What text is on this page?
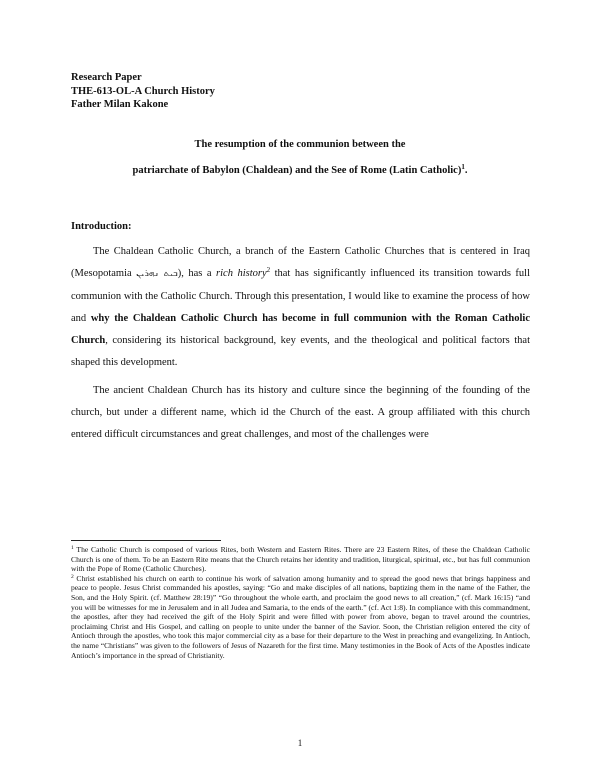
Research Paper
THE-613-OL-A Church History
Father Milan Kakone
The resumption of the communion between the
patriarchate of Babylon (Chaldean) and the See of Rome (Latin Catholic)$^1$.
Introduction:

The Chaldean Catholic Church, a branch of the Eastern Catholic Churches that is centered in Iraq (Mesopotamia ܒܝܬ ܢܗܪܝܢ), has a rich history$^2$ that has significantly influenced its transition towards full communion with the Catholic Church. Through this presentation, I would like to examine the process of how and why the Chaldean Catholic Church has become in full communion with the Roman Catholic Church, considering its historical background, key events, and the theological and political factors that shaped this development.

The ancient Chaldean Church has its history and culture since the beginning of the founding of the church, but under a different name, which id the Church of the east. A group affiliated with this church entered difficult circumstances and great challenges, and most of the challenges were

$^1$ The Catholic Church is composed of various Rites, both Western and Eastern Rites. There are 23 Eastern Rites, of these the Chaldean Catholic Church is one of them. To be an Eastern Rite means that the Church retains her identity and tradition, liturgical, spiritual, etc., but has full communion with the Pope of Rome (Catholic Churches).

$^2$ Christ established his church on earth to continue his work of salvation among humanity and to spread the good news that brings happiness and peace to people. Jesus Christ commanded his apostles, saying: “Go and make disciples of all nations, baptizing them in the name of the Father, the Son, and the Holy Spirit. (cf. Matthew 28:19)” “Go throughout the whole earth, and proclaim the good news to all creation,” (cf. Mark 16:15) “and you will be witnesses for me in Jerusalem and in all Judea and Samaria, to the ends of the earth.” (cf. Act 1:8). In compliance with this commandment, the apostles, after they had received the gift of the Holy Spirit and were filled with power from above, began to travel around the countries, proclaiming Christ and His Gospel, and calling on people to unite under the banner of the Savior. Soon, the Christian religion entered the city of Antioch through the apostles, who took this major commercial city as a base for their departure to the West in preaching and evangelizing. In Antioch, the name “Christians” was given to the followers of Jesus of Nazareth for the first time. Many testimonies in the Book of Acts of the Apostles indicate Antioch’s importance in the spread of Christianity.

1
